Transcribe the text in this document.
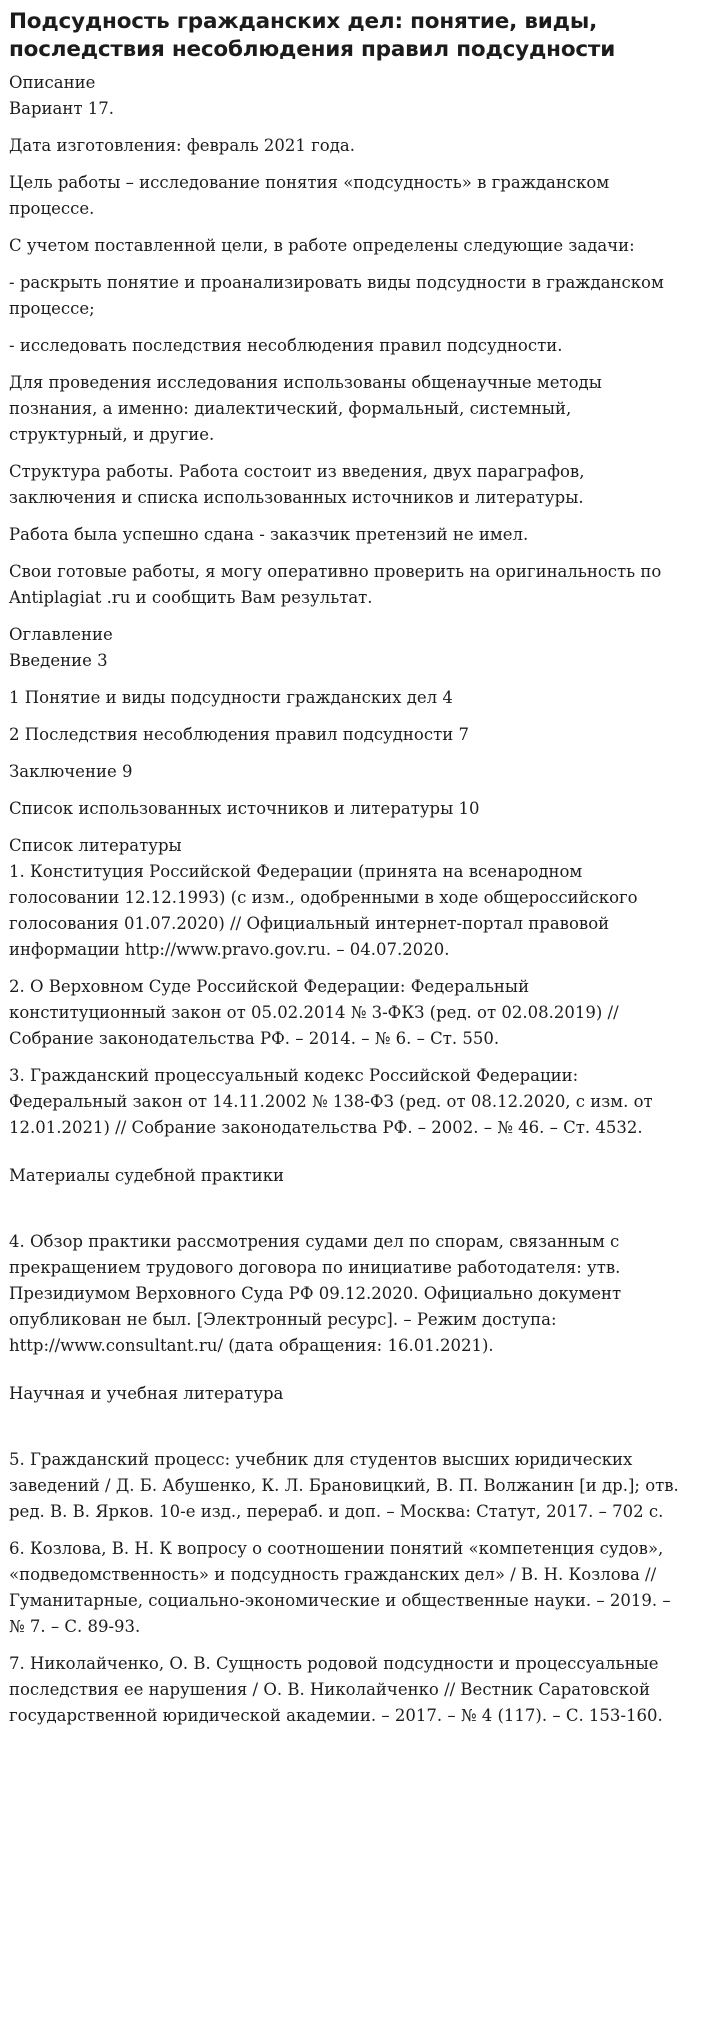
Подсудность гражданских дел: понятие, виды, последствия несоблюдения правил подсудности
Описание

Вариант 17.

Дата изготовления: февраль 2021 года.

Цель работы – исследование понятия «подсудность» в гражданском процессе.

С учетом поставленной цели, в работе определены следующие задачи:

- раскрыть понятие и проанализировать виды подсудности в гражданском процессе;

- исследовать последствия несоблюдения правил подсудности.

Для проведения исследования использованы общенаучные методы познания, а именно: диалектический, формальный, системный, структурный, и другие.

Структура работы. Работа состоит из введения, двух параграфов, заключения и списка использованных источников и литературы.

Работа была успешно сдана - заказчик претензий не имел.

Свои готовые работы, я могу оперативно проверить на оригинальность по Antiplagiat .ru и сообщить Вам результат.

Оглавление

Введение 3

1 Понятие и виды подсудности гражданских дел 4

2 Последствия несоблюдения правил подсудности 7

Заключение 9

Список использованных источников и литературы 10

Список литературы

1. Конституция Российской Федерации (принята на всенародном голосовании 12.12.1993) (с изм., одобренными в ходе общероссийского голосования 01.07.2020) // Официальный интернет-портал правовой информации http://www.pravo.gov.ru. – 04.07.2020.

2. О Верховном Суде Российской Федерации: Федеральный конституционный закон от 05.02.2014 № 3-ФКЗ (ред. от 02.08.2019) // Собрание законодательства РФ. – 2014. – № 6. – Ст. 550.

3. Гражданский процессуальный кодекс Российской Федерации: Федеральный закон от 14.11.2002 № 138-ФЗ (ред. от 08.12.2020, с изм. от 12.01.2021) // Собрание законодательства РФ. – 2002. – № 46. – Ст. 4532.

Материалы судебной практики

4. Обзор практики рассмотрения судами дел по спорам, связанным с прекращением трудового договора по инициативе работодателя: утв. Президиумом Верховного Суда РФ 09.12.2020. Официально документ опубликован не был. [Электронный ресурс]. – Режим доступа: http://www.consultant.ru/ (дата обращения: 16.01.2021).

Научная и учебная литература

5. Гражданский процесс: учебник для студентов высших юридических заведений / Д. Б. Абушенко, К. Л. Брановицкий, В. П. Волжанин [и др.]; отв. ред. В. В. Ярков. 10-е изд., перераб. и доп. – Москва: Статут, 2017. – 702 с.

6. Козлова, В. Н. К вопросу о соотношении понятий «компетенция судов», «подведомственность» и подсудность гражданских дел» / В. Н. Козлова // Гуманитарные, социально-экономические и общественные науки. – 2019. – № 7. – С. 89-93.

7. Николайченко, О. В. Сущность родовой подсудности и процессуальные последствия ее нарушения / О. В. Николайченко // Вестник Саратовской государственной юридической академии. – 2017. – № 4 (117). – С. 153-160.
